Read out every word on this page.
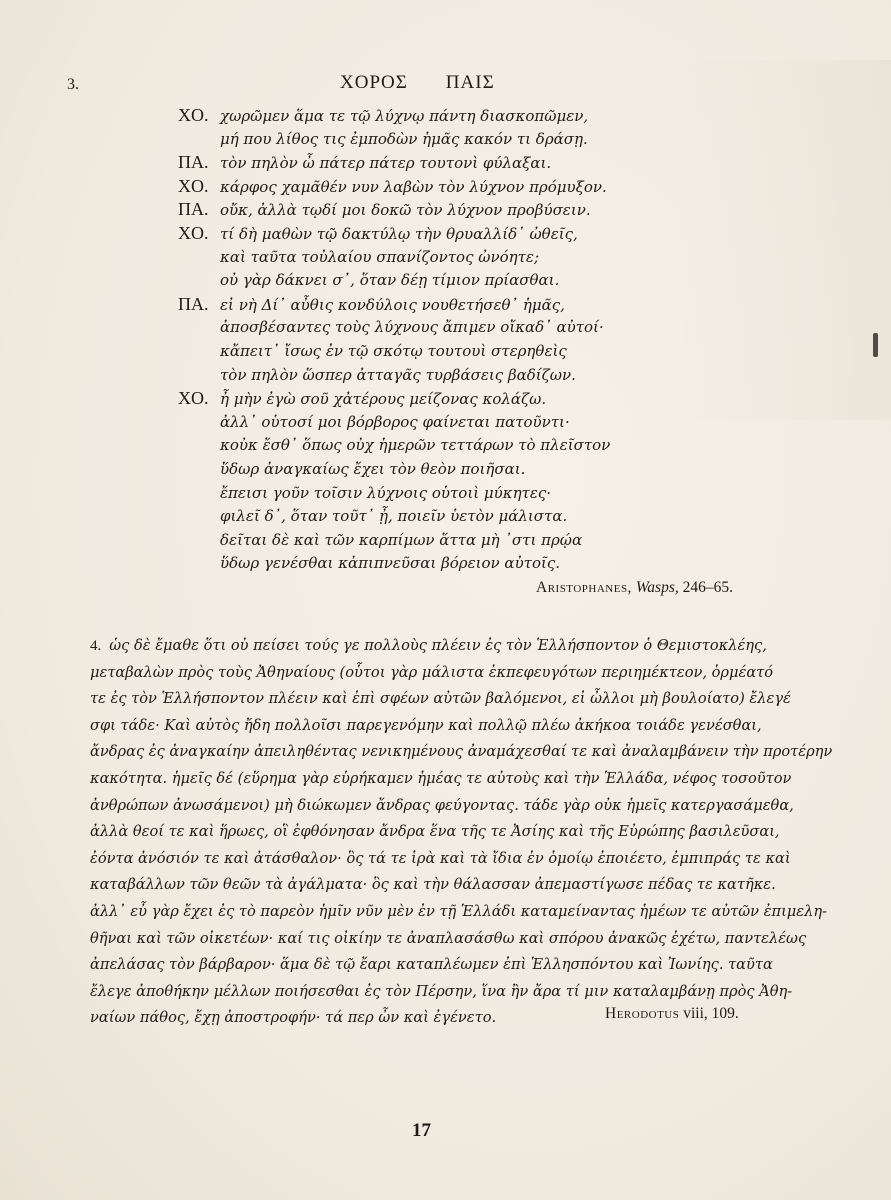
3.	ΧΟΡΟΣ ΠΑΙΣ
ΧΟ. χωρῶμεν ἅμα τε τῷ λύχνῳ πάντη διασκοπῶμεν,
μή που λίθος τις ἐμποδὼν ἡμᾶς κακόν τι δράσῃ.
ΠΑ. τὸν πηλὸν ὦ πάτερ πάτερ τουτονὶ φύλαξαι.
ΧΟ. κάρφος χαμᾶθέν νυν λαβὼν τὸν λύχνον πρόμυξον.
ΠΑ. οὔκ, ἀλλὰ τῳδί μοι δοκῶ τὸν λύχνον προβύσειν.
ΧΟ. τί δὴ μαθὼν τῷ δακτύλῳ τὴν θρυαλλίδ᾽ ὠθεῖς,
καὶ ταῦτα τοὐλαίου σπανίζοντος ὠνόητε;
οὐ γὰρ δάκνει σ᾽, ὅταν δέῃ τίμιον πρίασθαι.
ΠΑ. εἰ νὴ Δί᾽ αὖθις κονδύλοις νουθετήσεθ᾽ ἡμᾶς,
ἀποσβέσαντες τοὺς λύχνους ἄπιμεν οἴκαδ᾽ αὐτοί·
κἄπειτ᾽ ἴσως ἐν τῷ σκότῳ τουτουὶ στερηθεὶς
τὸν πηλὸν ὥσπερ ἀτταγᾶς τυρβάσεις βαδίζων.
ΧΟ. ἦ μὴν ἐγὼ σοῦ χἀτέρους μείζονας κολάζω.
ἀλλ᾽ οὑτοσί μοι βόρβορος φαίνεται πατοῦντι·
κοὐκ ἔσθ᾽ ὅπως οὐχ ἡμερῶν τεττάρων τὸ πλεῖστον
ὕδωρ ἀναγκαίως ἔχει τὸν θεὸν ποιῆσαι.
ἔπεισι γοῦν τοῖσιν λύχνοις οὑτοιὶ μύκητες·
φιλεῖ δ᾽, ὅταν τοῦτ᾽ ᾖ, ποιεῖν ὑετὸν μάλιστα.
δεῖται δὲ καὶ τῶν καρπίμων ἅττα μὴ ᾽στι πρῴα
ὕδωρ γενέσθαι κἀπιπνεῦσαι βόρειον αὐτοῖς.
Aristophanes, Wasps, 246–65.
4. ὡς δὲ ἔμαθε ὅτι οὐ πείσει τούς γε πολλοὺς πλέειν ἐς τὸν Ἑλλήσποντον ὁ Θεμιστοκλέης,
μεταβαλὼν πρὸς τοὺς Ἀθηναίους (οὗτοι γὰρ μάλιστα ἐκπεφευγότων περιημέκτεον, ὁρμέατό
τε ἐς τὸν Ἑλλήσποντον πλέειν καὶ ἐπὶ σφέων αὐτῶν βαλόμενοι, εἰ ὦλλοι μὴ βουλοίατο) ἔλεγέ
σφι τάδε· Καὶ αὐτὸς ἤδη πολλοῖσι παρεγενόμην καὶ πολλῷ πλέω ἀκήκοα τοιάδε γενέσθαι,
ἄνδρας ἐς ἀναγκαίην ἀπειληθέντας νενικημένους ἀναμάχεσθαί τε καὶ ἀναλαμβάνειν τὴν προτέρην
κακότητα. ἡμεῖς δέ (εὕρημα γὰρ εὑρήκαμεν ἡμέας τε αὐτοὺς καὶ τὴν Ἑλλάδα, νέφος τοσοῦτον
ἀνθρώπων ἀνωσάμενοι) μὴ διώκωμεν ἄνδρας φεύγοντας. τάδε γὰρ οὐκ ἡμεῖς κατεργασάμεθα,
ἀλλὰ θεοί τε καὶ ἥρωες, οἳ ἐφθόνησαν ἄνδρα ἕνα τῆς τε Ἀσίης καὶ τῆς Εὐρώπης βασιλεῦσαι,
ἐόντα ἀνόσιόν τε καὶ ἀτάσθαλον· ὃς τά τε ἱρὰ καὶ τὰ ἴδια ἐν ὁμοίῳ ἐποιέετο, ἐμπιπράς τε καὶ
καταβάλλων τῶν θεῶν τὰ ἀγάλματα· ὃς καὶ τὴν θάλασσαν ἀπεμαστίγωσε πέδας τε κατῆκε.
ἀλλ᾽ εὖ γὰρ ἔχει ἐς τὸ παρεὸν ἡμῖν νῦν μὲν ἐν τῇ Ἑλλάδι καταμείναντας ἡμέων τε αὐτῶν ἐπιμελη-
θῆναι καὶ τῶν οἰκετέων· καί τις οἰκίην τε ἀναπλασάσθω καὶ σπόρου ἀνακῶς ἐχέτω, παντελέως
ἀπελάσας τὸν βάρβαρον· ἅμα δὲ τῷ ἔαρι καταπλέωμεν ἐπὶ Ἑλλησπόντου καὶ Ἰωνίης. ταῦτα
ἔλεγε ἀποθήκην μέλλων ποιήσεσθαι ἐς τὸν Πέρσην, ἵνα ἢν ἄρα τί μιν καταλαμβάνῃ πρὸς Ἀθη-
ναίων πάθος, ἔχῃ ἀποστροφήν· τά περ ὦν καὶ ἐγένετο.	Herodotus viii, 109.
17
